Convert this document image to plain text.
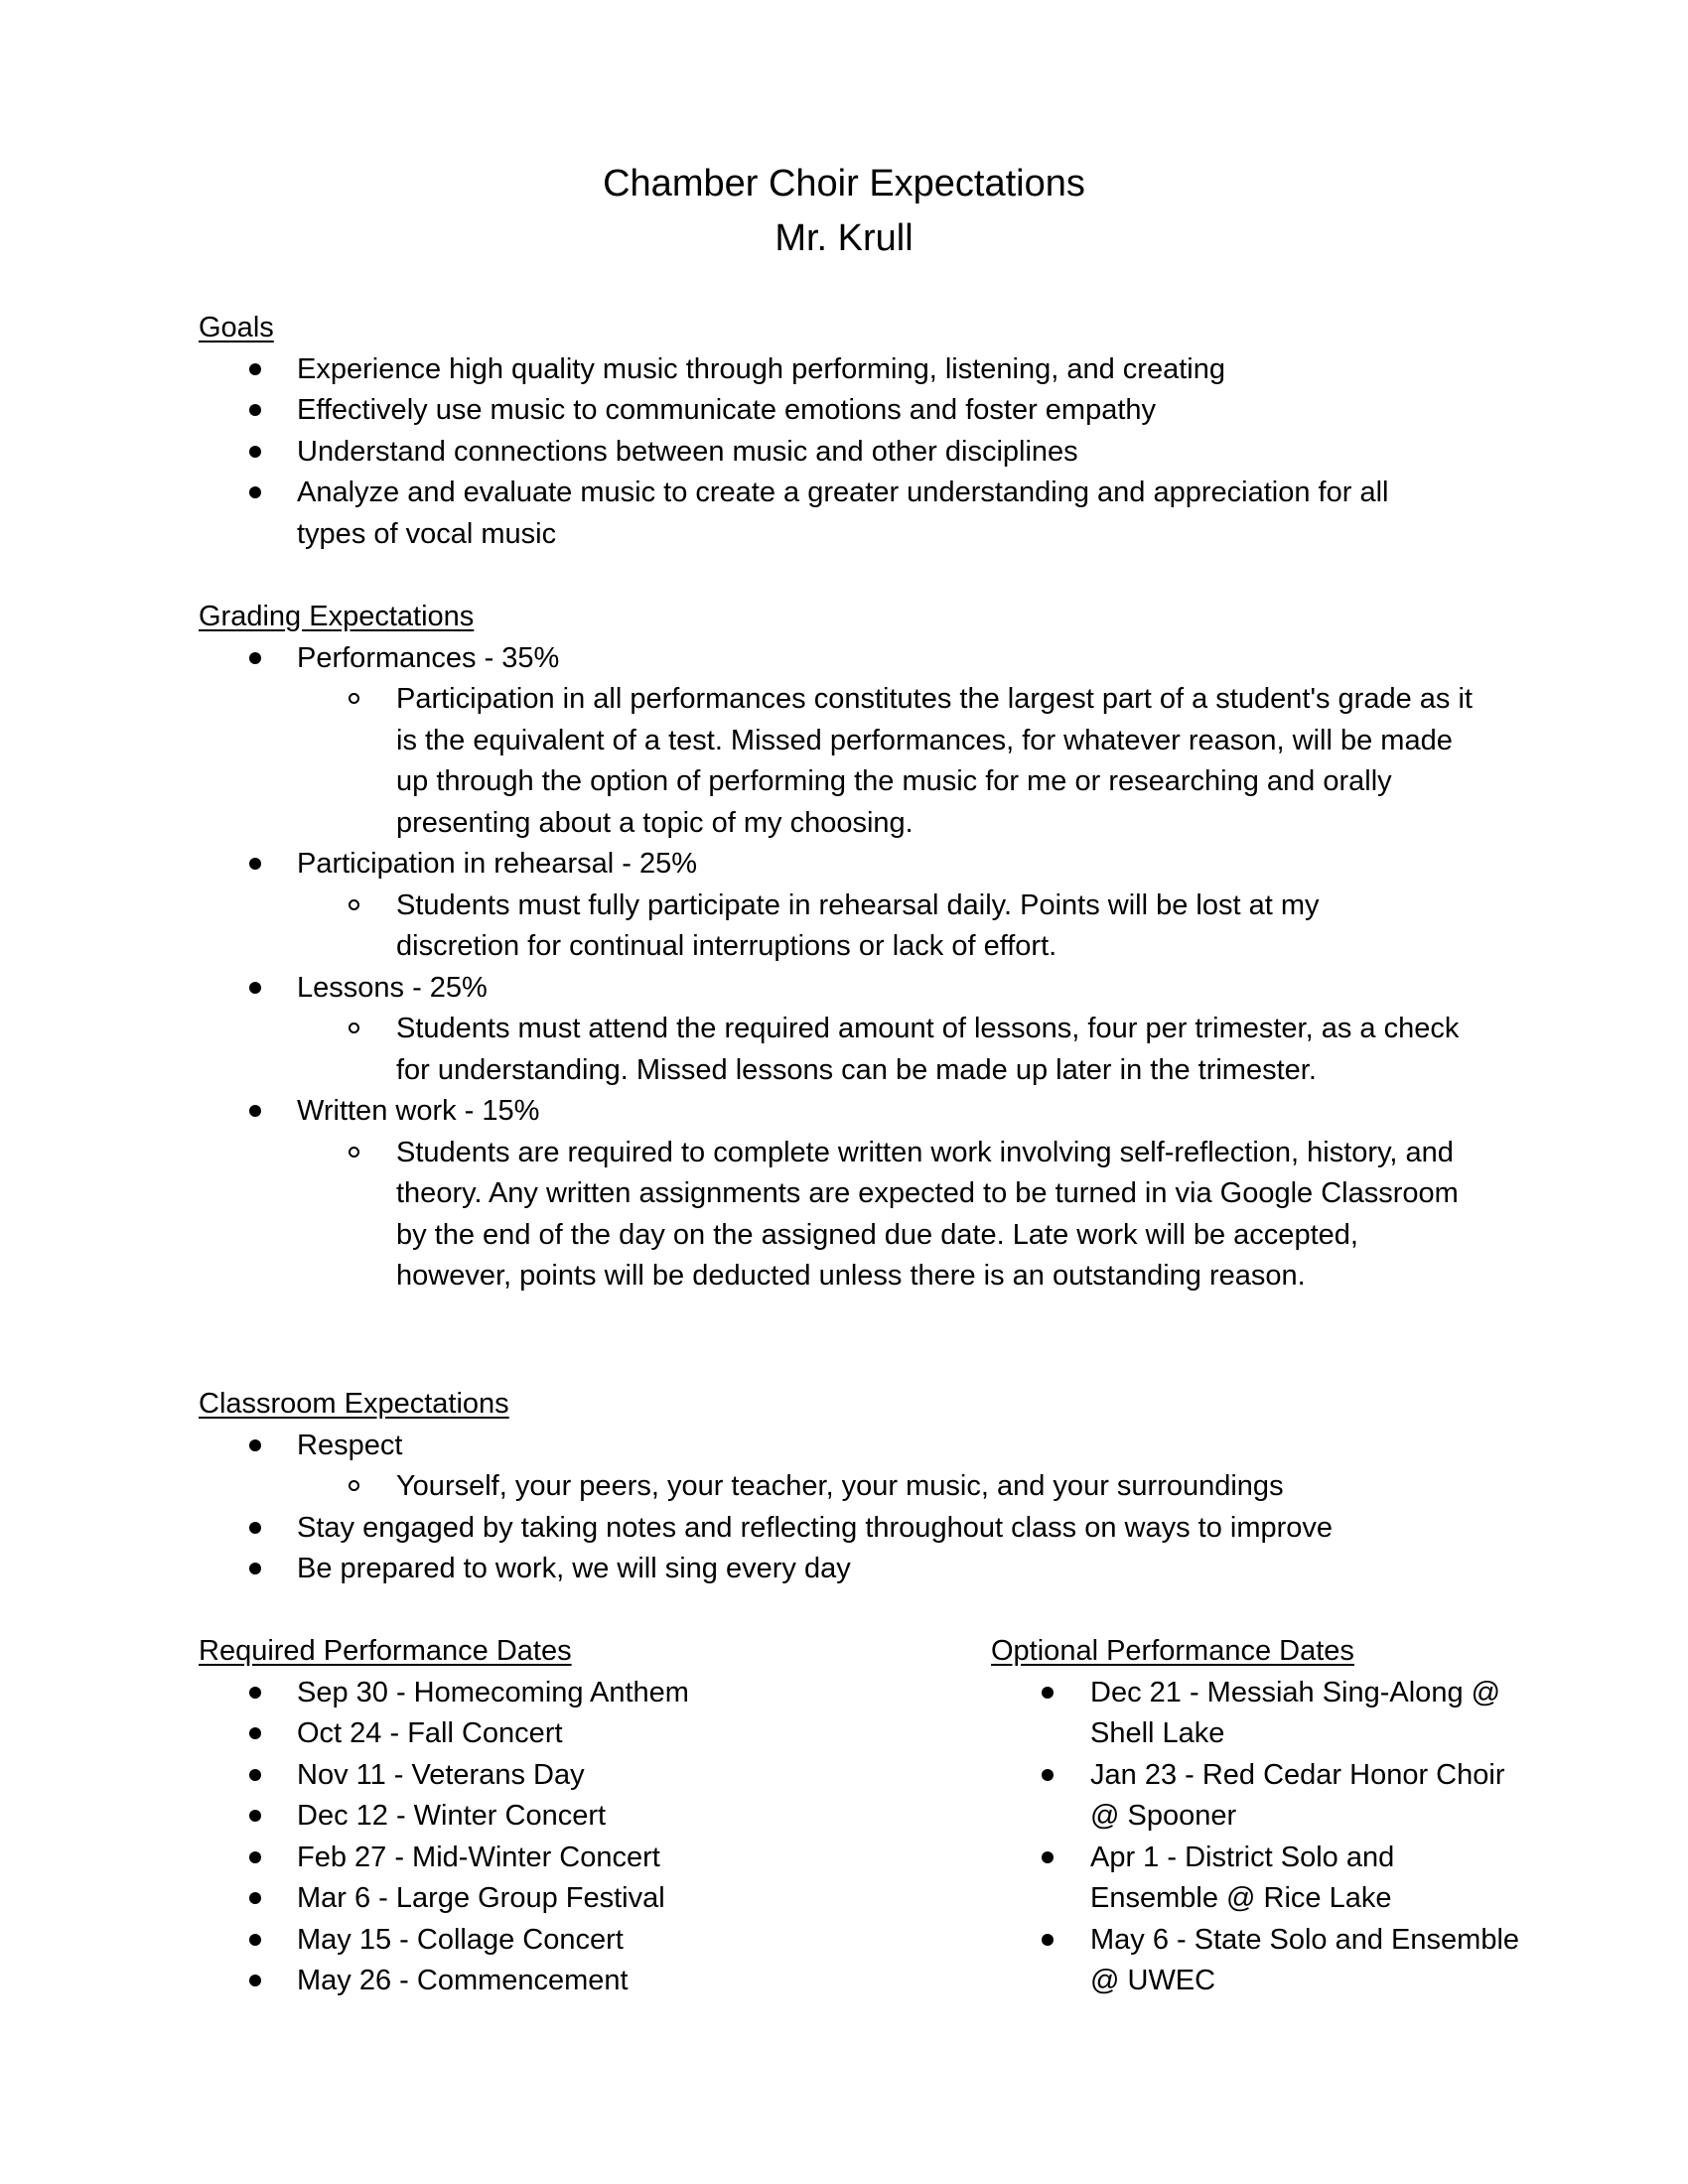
Chamber Choir Expectations
Mr. Krull
Goals
Experience high quality music through performing, listening, and creating
Effectively use music to communicate emotions and foster empathy
Understand connections between music and other disciplines
Analyze and evaluate music to create a greater understanding and appreciation for all types of vocal music
Grading Expectations
Performances - 35%
Participation in all performances constitutes the largest part of a student's grade as it is the equivalent of a test. Missed performances, for whatever reason, will be made up through the option of performing the music for me or researching and orally presenting about a topic of my choosing.
Participation in rehearsal - 25%
Students must fully participate in rehearsal daily. Points will be lost at my discretion for continual interruptions or lack of effort.
Lessons - 25%
Students must attend the required amount of lessons, four per trimester, as a check for understanding. Missed lessons can be made up later in the trimester.
Written work - 15%
Students are required to complete written work involving self-reflection, history, and theory. Any written assignments are expected to be turned in via Google Classroom by the end of the day on the assigned due date. Late work will be accepted, however, points will be deducted unless there is an outstanding reason.
Classroom Expectations
Respect
Yourself, your peers, your teacher, your music, and your surroundings
Stay engaged by taking notes and reflecting throughout class on ways to improve
Be prepared to work, we will sing every day
Required Performance Dates
Sep 30 - Homecoming Anthem
Oct 24 - Fall Concert
Nov 11 - Veterans Day
Dec 12 - Winter Concert
Feb 27 - Mid-Winter Concert
Mar 6 - Large Group Festival
May 15 - Collage Concert
May 26 - Commencement
Optional Performance Dates
Dec 21 - Messiah Sing-Along @ Shell Lake
Jan 23 - Red Cedar Honor Choir @ Spooner
Apr 1 - District Solo and Ensemble @ Rice Lake
May 6 - State Solo and Ensemble @ UWEC
